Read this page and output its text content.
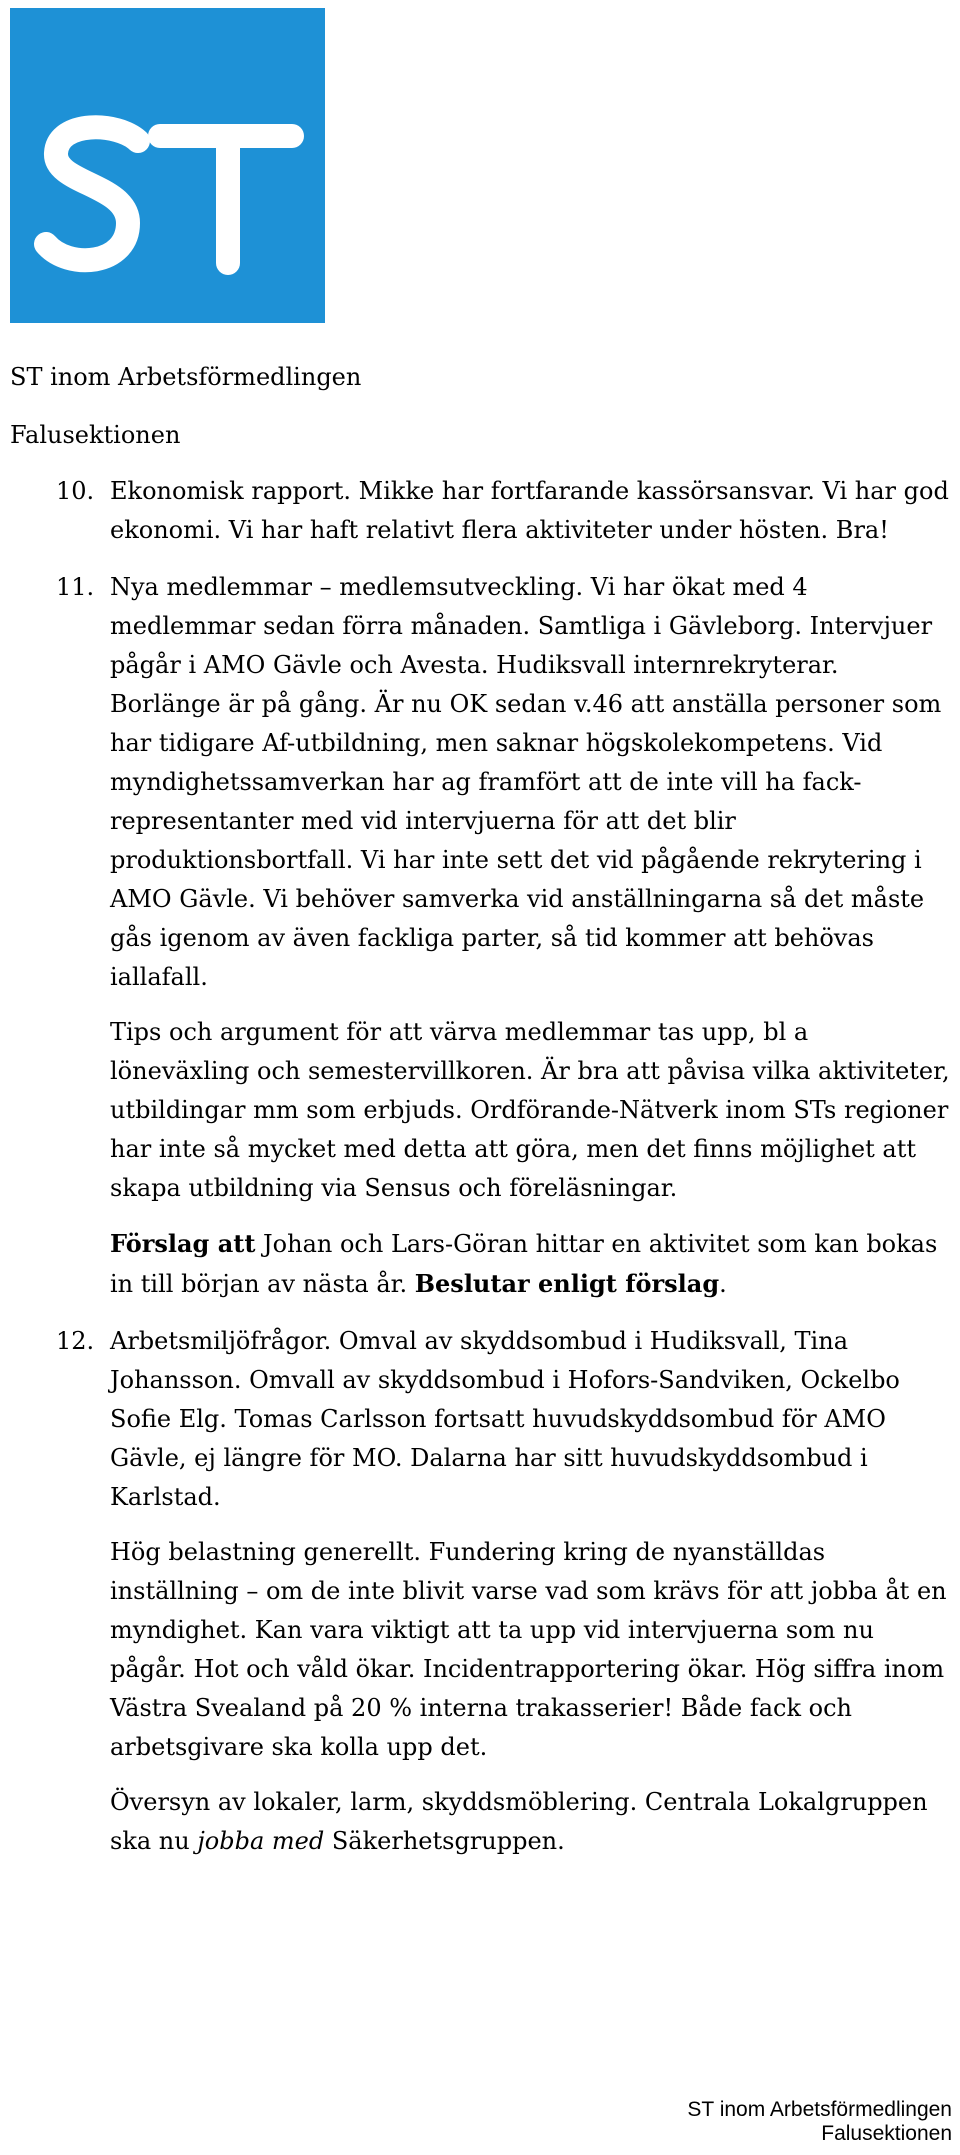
ST inom Arbetsförmedlingen
Falusektionen
10. Ekonomisk rapport. Mikke har fortfarande kassörsansvar. Vi har god ekonomi. Vi har haft relativt flera aktiviteter under hösten. Bra!

11. Nya medlemmar – medlemsutveckling. Vi har ökat med 4 medlemmar sedan förra månaden. Samtliga i Gävleborg. Intervjuer pågår i AMO Gävle och Avesta. Hudiksvall internrekryterar. Borlänge är på gång. Är nu OK sedan v.46 att anställa personer som har tidigare Af-utbildning, men saknar högskolekompetens. Vid myndighetssamverkan har ag framfört att de inte vill ha fack-representanter med vid intervjuerna för att det blir produktionsbortfall. Vi har inte sett det vid pågående rekrytering i AMO Gävle. Vi behöver samverka vid anställningarna så det måste gås igenom av även fackliga parter, så tid kommer att behövas iallafall.

Tips och argument för att värva medlemmar tas upp, bl a löneväxling och semestervillkoren. Är bra att påvisa vilka aktiviteter, utbildingar mm som erbjuds. Ordförande-Nätverk inom STs regioner har inte så mycket med detta att göra, men det finns möjlighet att skapa utbildning via Sensus och föreläsningar.

Förslag att Johan och Lars-Göran hittar en aktivitet som kan bokas in till början av nästa år. Beslutar enligt förslag.

12. Arbetsmiljöfrågor. Omval av skyddsombud i Hudiksvall, Tina Johansson. Omvall av skyddsombud i Hofors-Sandviken, Ockelbo Sofie Elg. Tomas Carlsson fortsatt huvudskyddsombud för AMO Gävle, ej längre för MO. Dalarna har sitt huvudskyddsombud i Karlstad.

Hög belastning generellt. Fundering kring de nyanställdas inställning – om de inte blivit varse vad som krävs för att jobba åt en myndighet. Kan vara viktigt att ta upp vid intervjuerna som nu pågår. Hot och våld ökar. Incidentrapportering ökar. Hög siffra inom Västra Svealand på 20 % interna trakasserier! Både fack och arbetsgivare ska kolla upp det.

Översyn av lokaler, larm, skyddsmöblering. Centrala Lokalgruppen ska nu jobba med Säkerhetsgruppen.

ST inom Arbetsförmedlingen
Falusektionen
